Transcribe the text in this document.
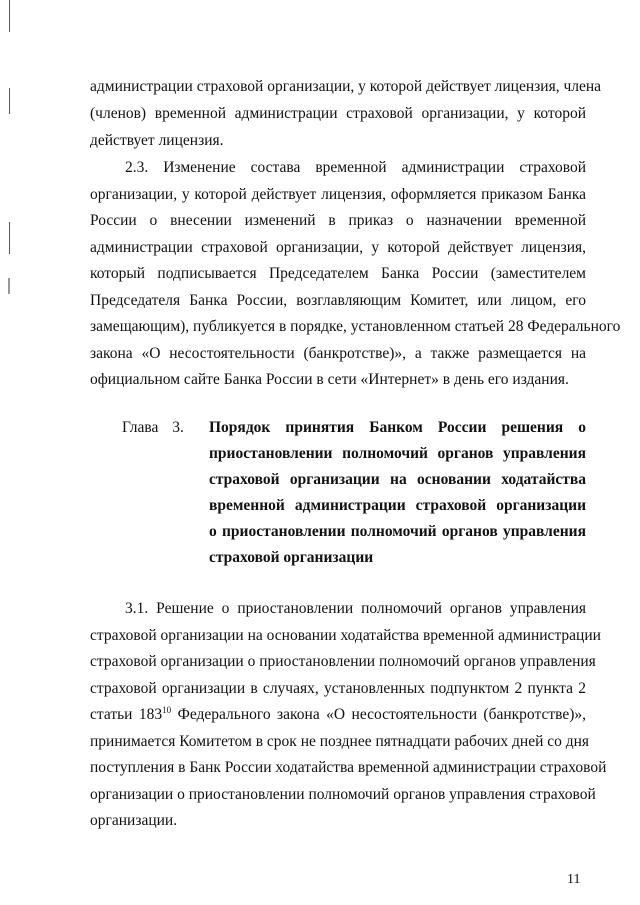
администрации страховой организации, у которой действует лицензия, члена
(членов) временной администрации страховой организации, у которой
действует лицензия.
2.3. Изменение состава временной администрации страховой
организации, у которой действует лицензия, оформляется приказом Банка
России о внесении изменений в приказ о назначении временной
администрации страховой организации, у которой действует лицензия,
который подписывается Председателем Банка России (заместителем
Председателя Банка России, возглавляющим Комитет, или лицом, его
замещающим), публикуется в порядке, установленном статьей 28 Федерального
закона «О несостоятельности (банкротстве)», а также размещается на
официальном сайте Банка России в сети «Интернет» в день его издания.
Глава 3. Порядок принятия Банком России решения о
приостановлении полномочий органов управления
страховой организации на основании ходатайства
временной администрации страховой организации
о приостановлении полномочий органов управления
страховой организации
3.1. Решение о приостановлении полномочий органов управления
страховой организации на основании ходатайства временной администрации
страховой организации о приостановлении полномочий органов управления
страховой организации в случаях, установленных подпунктом 2 пункта 2
статьи $183^{10}$ Федерального закона «О несостоятельности (банкротстве)»,
принимается Комитетом в срок не позднее пятнадцати рабочих дней со дня
поступления в Банк России ходатайства временной администрации страховой
организации о приостановлении полномочий органов управления страховой
организации.
11
